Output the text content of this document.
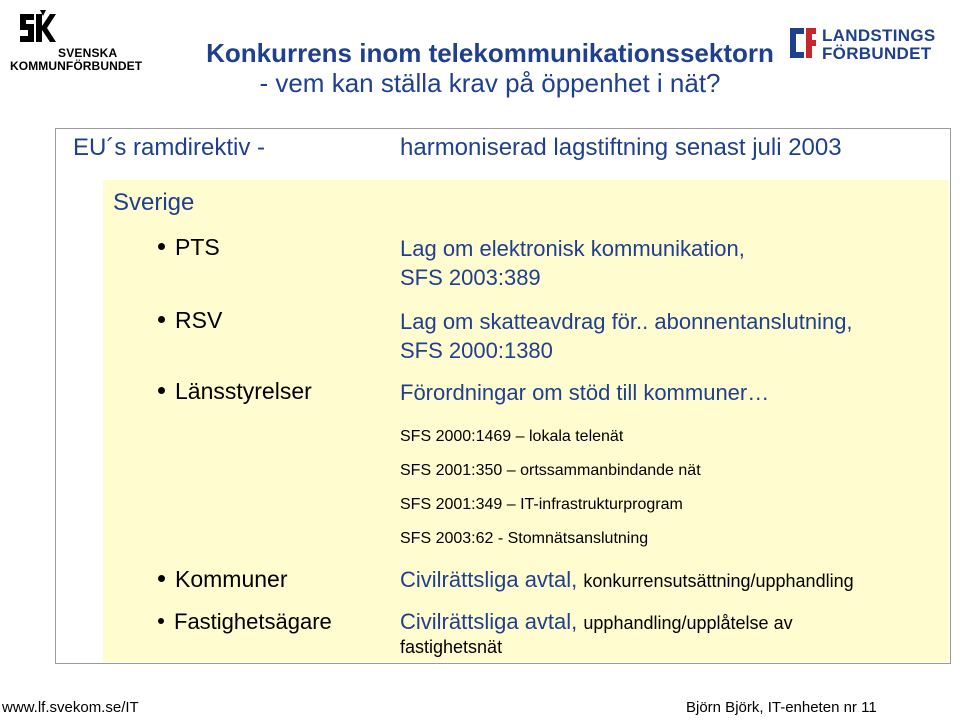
SVENSKA
KOMMUNFÖRBUNDET
LANDSTINGS
FÖRBUNDET
Konkurrens inom telekommunikationssektorn
- vem kan ställa krav på öppenhet i nät?
EU´s ramdirektiv -	harmoniserad lagstiftning senast juli 2003
Sverige
PTS	Lag om elektronisk kommunikation,
SFS 2003:389
RSV	Lag om skatteavdrag för.. abonnentanslutning,
SFS 2000:1380
Länsstyrelser	Förordningar om stöd till kommuner…
SFS 2000:1469 – lokala telenät
SFS 2001:350 – ortssammanbindande nät
SFS 2001:349 – IT-infrastrukturprogram
SFS 2003:62 - Stomnätsanslutning
Kommuner	Civilrättsliga avtal, konkurrensutsättning/upphandling
Fastighetsägare	Civilrättsliga avtal, upphandling/upplåtelse av
fastighetsnät
www.lf.svekom.se/IT	Björn Björk, IT-enheten nr 11
